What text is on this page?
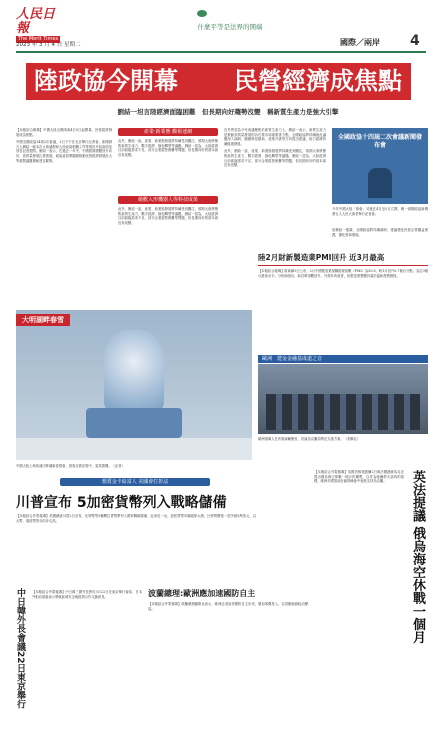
人民日報
The Merit Times
2023 年 3 月 4 日 星期二
什麼平等是法界的開端
國際／兩岸 4
陸政協今開幕 民營經濟成焦點
劉結一坦言陸經濟面臨困難　但長期向好趨勢沒變　稱新質生產力是強大引擎
【本報綜合報導】中國大陸全國兩會4日5日起開幕，民營經濟發展成為焦點。
中國全國政協14屆2次會議，3日下午在北京舉行記者會，新聞發言人劉結一就本次大會議程和人民政協相關工作等情況介紹說明並回答記者提問。劉結一表示，在過去一年中，中國經濟總體回升向好，高質量發展扎實推進，政協委員將圍繞推動民營經濟發展壯大等重點議題積極建言獻策。
產業‧新業態 觀視連網
此外，劉結一說，產業、新業態發展將持續受到關注，預期大會將聚焦新質生產力、數字經濟、綠色轉型等議題。劉結一認為，大陸經濟目前面臨需求不足、部分企業經營困難等問題，但長期向好的基本面沒有改變。
競歡入形機器人等科技成果
此外，劉結一說，產業、新業態發展將持續受到關注，預期大會將聚焦新質生產力、數字經濟、綠色轉型等議題。劉結一認為，大陸經濟目前面臨需求不足、部分企業經營困難等問題，但長期向好的基本面沒有改變。
在外界認為今年會議聚焦於新質生產力上，劉結一表示，新質生產力是推動高質量發展的內在要求和重要著力點，全國政協將持續就此議題深入調研，圍繞科技創新、產業升級等方向提出建議，助力經濟持續健康發展。
此外，劉結一說，產業、新業態發展將持續受到關注，預期大會將聚焦新質生產力、數字經濟、綠色轉型等議題。劉結一認為，大陸經濟目前面臨需求不足、部分企業經營困難等問題，但長期向好的基本面沒有改變。
全國政協十四屆二次會議新聞發布會
今年中國大陸「兩會」另後在4日至5日召開，劉一兩國政協新聞發言人人民大會堂舉行記者會。
但劉結一強調，全國政協將持續調研，建議強化民營企業權益保護，優化營商環境。
大明湖畔春雪
中國大陸上海黃浦江畔湖新春燈會，遊客在賞花燈中，氣氛熱鬧。（記者）
陸2月財新製造業PMI回升 近3月最高
【本報綜合報導】財新網3日公布，2月中國製造業採購經理指數（PMI）為50.8，較1月回升0.7個百分點，為近3個月最高水平。分析師指出，新訂單指數回升，外需有所改善，但製造業整體仍處於溫和復甦階段。
歐洲　建金金融基成道之音
歐洲領導人在布魯塞爾聚首，討論烏克蘭局勢及支援方案。（美聯社）
想賣金卡給富人 美國會打折法
川普宣布 5加密貨幣列入戰略儲備
【本報綜合外電報導】美國總統川普2日宣布，比特幣等5種數位貨幣將列入國家戰略儲備，此消息一出，加密貨幣市場隨即大漲，比特幣價格一度突破9萬美元，以太幣、瑞波幣等亦同步走高。
中日韓外長會議22日東京舉行	【本報綜合外電報導】中日韓三國外長將於3月22日在東京舉行會談，日本外相岩屋毅表示將就區域安全與經濟合作交換意見。	波蘭總理:歐洲應加速國防自主
【本報綜合外電報導】波蘭總理圖斯克表示，歐洲必須加快國防自主步伐，增加軍費投入，以因應地緣政治變局。	英法提議 俄烏海空休戰一個月
【本報綜合外電報導】英國首相施凱爾2日與法國總統馬克宏提出俄烏海空休戰一個月的構想，以作為後續停火談判的基礎，歐洲多國領袖在倫敦峰會中表態支持烏克蘭。
